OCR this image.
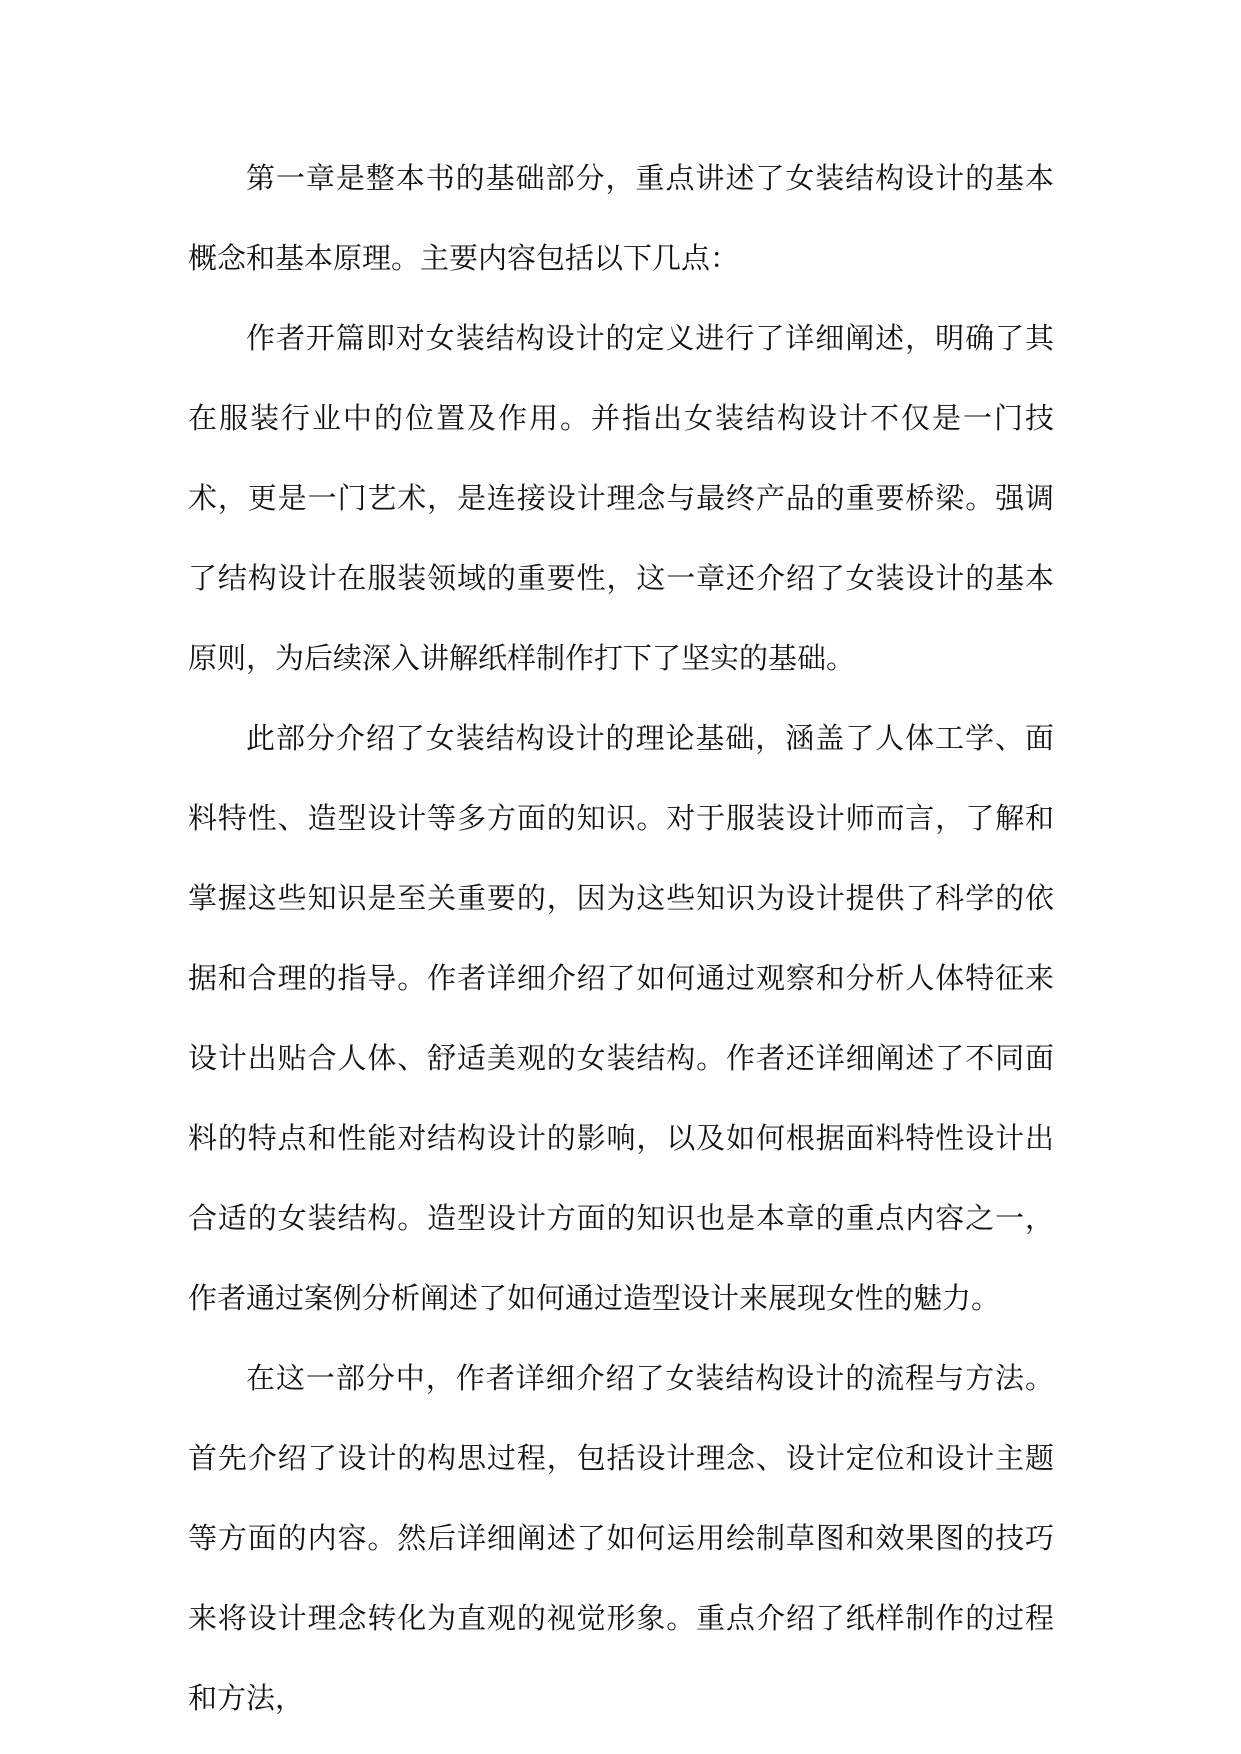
第一章是整本书的基础部分，重点讲述了女装结构设计的基本概念和基本原理。主要内容包括以下几点：

作者开篇即对女装结构设计的定义进行了详细阐述，明确了其在服装行业中的位置及作用。并指出女装结构设计不仅是一门技术，更是一门艺术，是连接设计理念与最终产品的重要桥梁。强调了结构设计在服装领域的重要性，这一章还介绍了女装设计的基本原则，为后续深入讲解纸样制作打下了坚实的基础。

此部分介绍了女装结构设计的理论基础，涵盖了人体工学、面料特性、造型设计等多方面的知识。对于服装设计师而言，了解和掌握这些知识是至关重要的，因为这些知识为设计提供了科学的依据和合理的指导。作者详细介绍了如何通过观察和分析人体特征来设计出贴合人体、舒适美观的女装结构。作者还详细阐述了不同面料的特点和性能对结构设计的影响，以及如何根据面料特性设计出合适的女装结构。造型设计方面的知识也是本章的重点内容之一，作者通过案例分析阐述了如何通过造型设计来展现女性的魅力。

在这一部分中，作者详细介绍了女装结构设计的流程与方法。首先介绍了设计的构思过程，包括设计理念、设计定位和设计主题等方面的内容。然后详细阐述了如何运用绘制草图和效果图的技巧来将设计理念转化为直观的视觉形象。重点介绍了纸样制作的过程和方法，
